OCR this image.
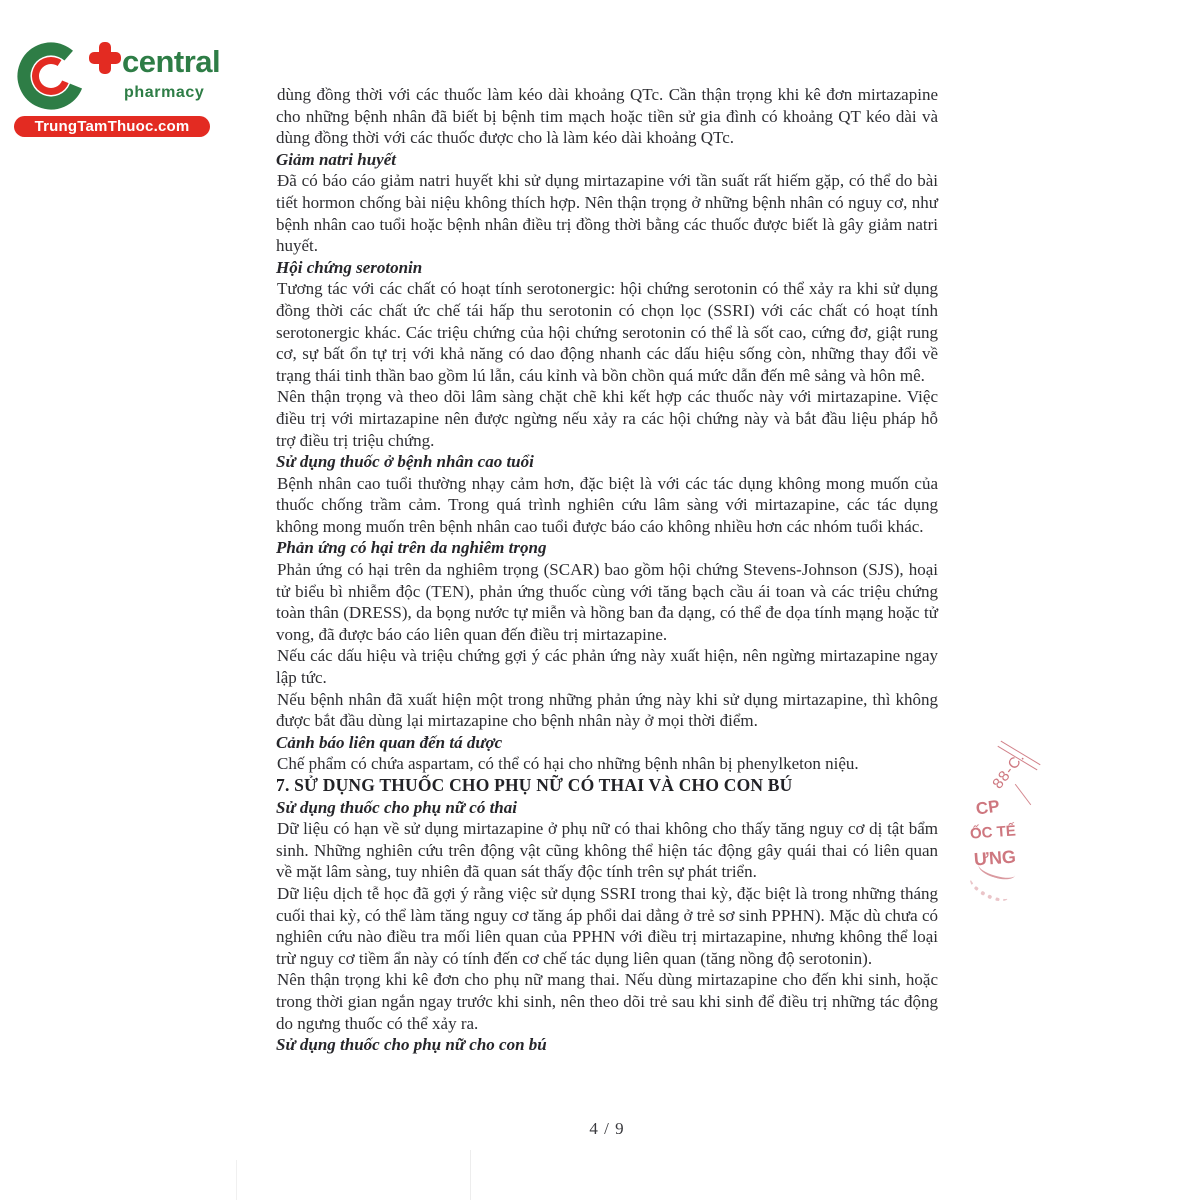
central
pharmacy
TrungTamThuoc.com

dùng đồng thời với các thuốc làm kéo dài khoảng QTc. Cần thận trọng khi kê đơn mirtazapine cho những bệnh nhân đã biết bị bệnh tim mạch hoặc tiền sử gia đình có khoảng QT kéo dài và dùng đồng thời với các thuốc được cho là làm kéo dài khoảng QTc.

Giảm natri huyết

Đã có báo cáo giảm natri huyết khi sử dụng mirtazapine với tần suất rất hiếm gặp, có thể do bài tiết hormon chống bài niệu không thích hợp. Nên thận trọng ở những bệnh nhân có nguy cơ, như bệnh nhân cao tuổi hoặc bệnh nhân điều trị đồng thời bằng các thuốc được biết là gây giảm natri huyết.

Hội chứng serotonin

Tương tác với các chất có hoạt tính serotonergic: hội chứng serotonin có thể xảy ra khi sử dụng đồng thời các chất ức chế tái hấp thu serotonin có chọn lọc (SSRI) với các chất có hoạt tính serotonergic khác. Các triệu chứng của hội chứng serotonin có thể là sốt cao, cứng đơ, giật rung cơ, sự bất ổn tự trị với khả năng có dao động nhanh các dấu hiệu sống còn, những thay đổi về trạng thái tinh thần bao gồm lú lẫn, cáu kỉnh và bồn chồn quá mức dẫn đến mê sảng và hôn mê.

Nên thận trọng và theo dõi lâm sàng chặt chẽ khi kết hợp các thuốc này với mirtazapine. Việc điều trị với mirtazapine nên được ngừng nếu xảy ra các hội chứng này và bắt đầu liệu pháp hỗ trợ điều trị triệu chứng.

Sử dụng thuốc ở bệnh nhân cao tuổi

Bệnh nhân cao tuổi thường nhạy cảm hơn, đặc biệt là với các tác dụng không mong muốn của thuốc chống trầm cảm. Trong quá trình nghiên cứu lâm sàng với mirtazapine, các tác dụng không mong muốn trên bệnh nhân cao tuổi được báo cáo không nhiều hơn các nhóm tuổi khác.

Phản ứng có hại trên da nghiêm trọng

Phản ứng có hại trên da nghiêm trọng (SCAR) bao gồm hội chứng Stevens-Johnson (SJS), hoại tử biểu bì nhiễm độc (TEN), phản ứng thuốc cùng với tăng bạch cầu ái toan và các triệu chứng toàn thân (DRESS), da bọng nước tự miễn và hồng ban đa dạng, có thể đe dọa tính mạng hoặc tử vong, đã được báo cáo liên quan đến điều trị mirtazapine.

Nếu các dấu hiệu và triệu chứng gợi ý các phản ứng này xuất hiện, nên ngừng mirtazapine ngay lập tức.

Nếu bệnh nhân đã xuất hiện một trong những phản ứng này khi sử dụng mirtazapine, thì không được bắt đầu dùng lại mirtazapine cho bệnh nhân này ở mọi thời điểm.

Cảnh báo liên quan đến tá dược

Chế phẩm có chứa aspartam, có thể có hại cho những bệnh nhân bị phenylketon niệu.

7. SỬ DỤNG THUỐC CHO PHỤ NỮ CÓ THAI VÀ CHO CON BÚ

Sử dụng thuốc cho phụ nữ có thai

Dữ liệu có hạn về sử dụng mirtazapine ở phụ nữ có thai không cho thấy tăng nguy cơ dị tật bẩm sinh. Những nghiên cứu trên động vật cũng không thể hiện tác động gây quái thai có liên quan về mặt lâm sàng, tuy nhiên đã quan sát thấy độc tính trên sự phát triển.

Dữ liệu dịch tễ học đã gợi ý rằng việc sử dụng SSRI trong thai kỳ, đặc biệt là trong những tháng cuối thai kỳ, có thể làm tăng nguy cơ tăng áp phổi dai dẳng ở trẻ sơ sinh PPHN). Mặc dù chưa có nghiên cứu nào điều tra mối liên quan của PPHN với điều trị mirtazapine, nhưng không thể loại trừ nguy cơ tiềm ẩn này có tính đến cơ chế tác dụng liên quan (tăng nồng độ serotonin).

Nên thận trọng khi kê đơn cho phụ nữ mang thai. Nếu dùng mirtazapine cho đến khi sinh, hoặc trong thời gian ngắn ngay trước khi sinh, nên theo dõi trẻ sau khi sinh để điều trị những tác động do ngưng thuốc có thể xảy ra.

Sử dụng thuốc cho phụ nữ cho con bú

88-C.
CP
ỐC TẾ
ƯNG
4 / 9
